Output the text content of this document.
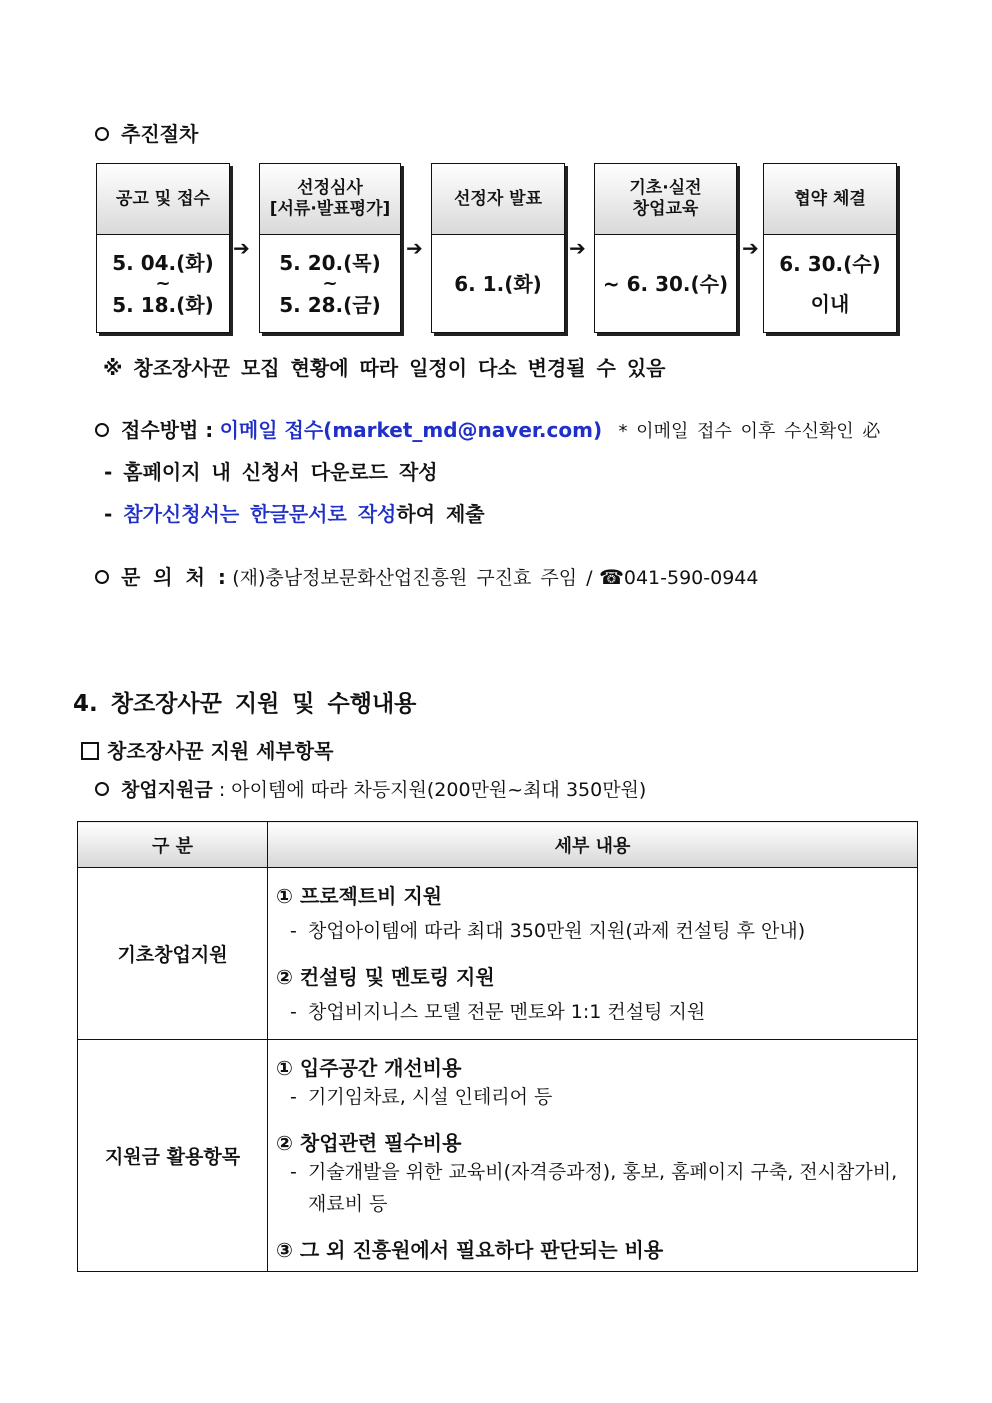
추진절차
공고 및 접수
5. 04.(화)
~
5. 18.(화)
➔
선정심사
[서류·발표평가]
5. 20.(목)
~
5. 28.(금)
➔
선정자 발표
6. 1.(화)
➔
기초·실전
창업교육
~ 6. 30.(수)
➔
협약 체결
6. 30.(수)
이내
※ 창조장사꾼 모집 현황에 따라 일정이 다소 변경될 수 있음
접수방법 : 이메일 접수(market_md@naver.com) * 이메일 접수 이후 수신확인 必
- 홈페이지 내 신청서 다운로드 작성
- 참가신청서는 한글문서로 작성하여 제출
문 의 처 : (재)충남정보문화산업진흥원 구진효 주임 / ☎041-590-0944
4. 창조장사꾼 지원 및 수행내용
창조장사꾼 지원 세부항목
창업지원금 : 아이템에 따라 차등지원(200만원~최대 350만원)
구 분	세부 내용
기초창업지원	① 프로젝트비 지원
- 창업아이템에 따라 최대 350만원 지원(과제 컨설팅 후 안내)
② 컨설팅 및 멘토링 지원
- 창업비지니스 모델 전문 멘토와 1:1 컨설팅 지원

지원금 활용항목	① 입주공간 개선비용
- 기기임차료, 시설 인테리어 등
② 창업관련 필수비용
- 기술개발을 위한 교육비(자격증과정), 홍보, 홈페이지 구축, 전시참가비, 재료비 등
③ 그 외 진흥원에서 필요하다 판단되는 비용
